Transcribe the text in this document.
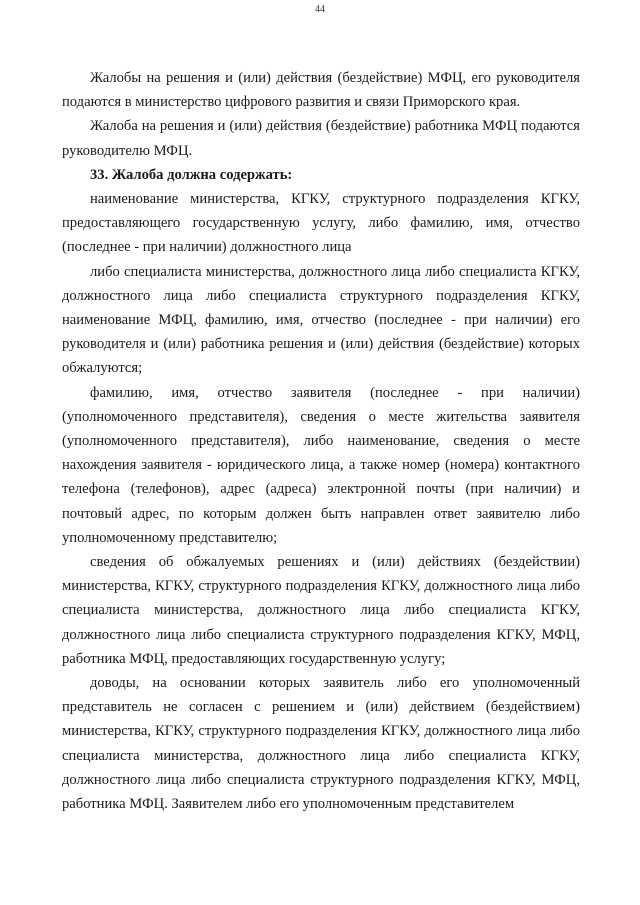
44

Жалобы на решения и (или) действия (бездействие) МФЦ, его руководителя подаются в министерство цифрового развития и связи Приморского края.

Жалоба на решения и (или) действия (бездействие) работника МФЦ подаются руководителю МФЦ.

33. Жалоба должна содержать:

наименование министерства, КГКУ, структурного подразделения КГКУ, предоставляющего государственную услугу, либо фамилию, имя, отчество (последнее - при наличии) должностного лица

либо специалиста министерства, должностного лица либо специалиста КГКУ, должностного лица либо специалиста структурного подразделения КГКУ, наименование МФЦ, фамилию, имя, отчество (последнее - при наличии) его руководителя и (или) работника решения и (или) действия (бездействие) которых обжалуются;

фамилию, имя, отчество заявителя (последнее - при наличии) (уполномоченного представителя), сведения о месте жительства заявителя (уполномоченного представителя), либо наименование, сведения о месте нахождения заявителя - юридического лица, а также номер (номера) контактного телефона (телефонов), адрес (адреса) электронной почты (при наличии) и почтовый адрес, по которым должен быть направлен ответ заявителю либо уполномоченному представителю;

сведения об обжалуемых решениях и (или) действиях (бездействии) министерства, КГКУ, структурного подразделения КГКУ, должностного лица либо специалиста министерства, должностного лица либо специалиста КГКУ, должностного лица либо специалиста структурного подразделения КГКУ, МФЦ, работника МФЦ, предоставляющих государственную услугу;

доводы, на основании которых заявитель либо его уполномоченный представитель не согласен с решением и (или) действием (бездействием) министерства, КГКУ, структурного подразделения КГКУ, должностного лица либо специалиста министерства, должностного лица либо специалиста КГКУ, должностного лица либо специалиста структурного подразделения КГКУ, МФЦ, работника МФЦ. Заявителем либо его уполномоченным представителем
